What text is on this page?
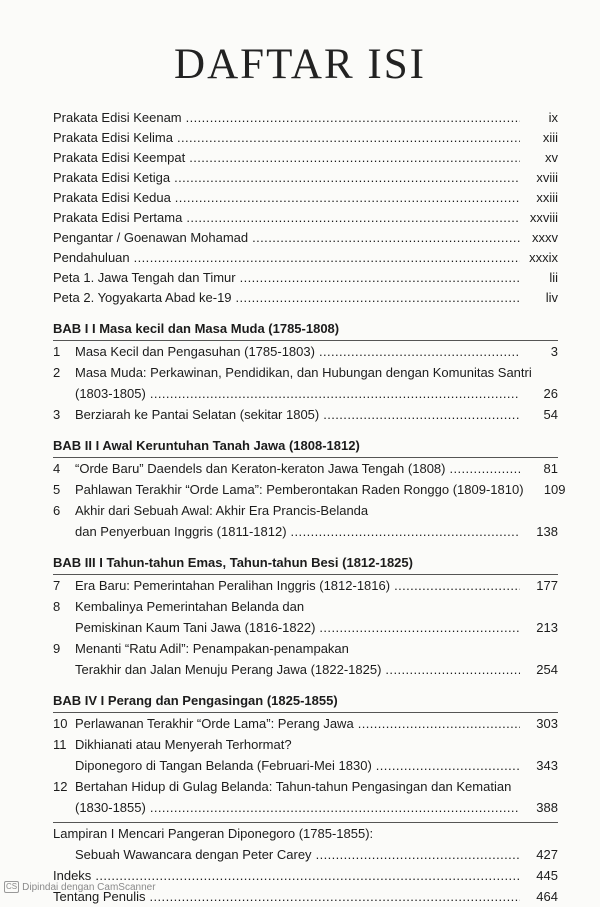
DAFTAR ISI
Prakata Edisi Keenam .....	ix
Prakata Edisi Kelima .....	xiii
Prakata Edisi Keempat .....	xv
Prakata Edisi Ketiga .....	xviii
Prakata Edisi Kedua .....	xxiii
Prakata Edisi Pertama .....	xxviii
Pengantar / Goenawan Mohamad .....	xxxv
Pendahuluan .....	xxxix
Peta 1. Jawa Tengah dan Timur .....	lii
Peta 2. Yogyakarta Abad ke-19 .....	liv
BAB I I Masa kecil dan Masa Muda (1785-1808)
1	Masa Kecil dan Pengasuhan (1785-1803) .....	3
2	Masa Muda: Perkawinan, Pendidikan, dan Hubungan dengan Komunitas Santri
(1803-1805) .....	26
3	Berziarah ke Pantai Selatan (sekitar 1805) .....	54
BAB II I Awal Keruntuhan Tanah Jawa (1808-1812)
4	“Orde Baru” Daendels dan Keraton-keraton Jawa Tengah (1808) .....	81
5	Pahlawan Terakhir “Orde Lama”: Pemberontakan Raden Ronggo (1809-1810)	109
6	Akhir dari Sebuah Awal: Akhir Era Prancis-Belanda
dan Penyerbuan Inggris (1811-1812) .....	138
BAB III I Tahun-tahun Emas, Tahun-tahun Besi (1812-1825)
7	Era Baru: Pemerintahan Peralihan Inggris (1812-1816) .....	177
8	Kembalinya Pemerintahan Belanda dan
Pemiskinan Kaum Tani Jawa (1816-1822) .....	213
9	Menanti “Ratu Adil”: Penampakan-penampakan
Terakhir dan Jalan Menuju Perang Jawa (1822-1825) .....	254
BAB IV I Perang dan Pengasingan (1825-1855)
10 Perlawanan Terakhir “Orde Lama”: Perang Jawa .....	303
11 Dikhianati atau Menyerah Terhormat?
Diponegoro di Tangan Belanda (Februari-Mei 1830) .....	343
12 Bertahan Hidup di Gulag Belanda: Tahun-tahun Pengasingan dan Kematian
(1830-1855) .....	388
Lampiran I Mencari Pangeran Diponegoro (1785-1855):
Sebuah Wawancara dengan Peter Carey .....	427
Indeks .....	445
Tentang Penulis .....	464
CS Dipindai dengan CamScanner
